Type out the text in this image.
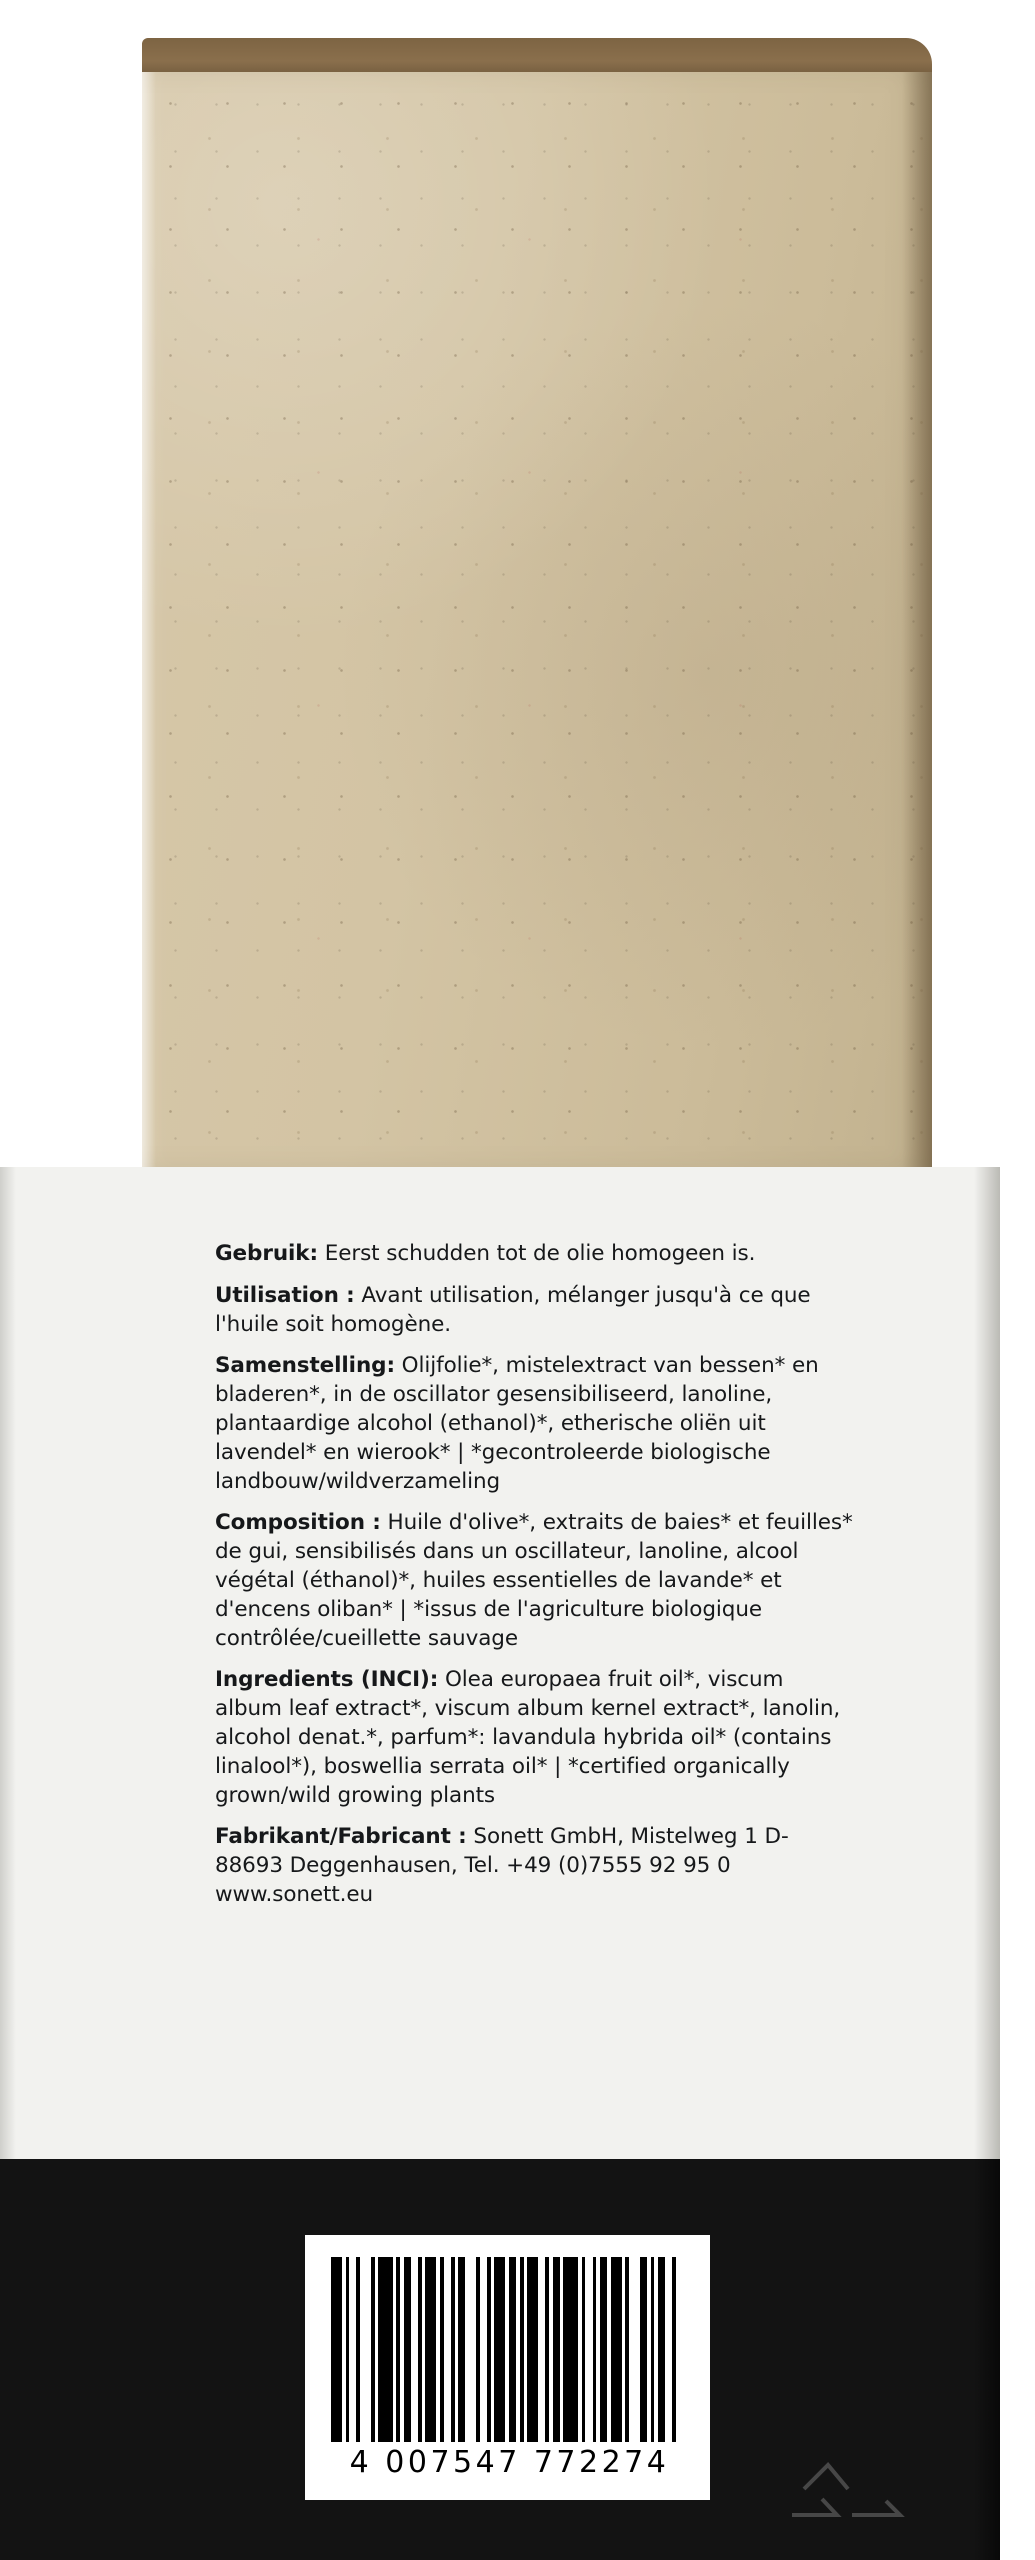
Gebruik: Eerst schudden tot de olie homogeen is.

Utilisation : Avant utilisation, mélanger jusqu'à ce que l'huile soit homogène.

Samenstelling: Olijfolie*, mistelextract van bessen* en bladeren*, in de oscillator gesensibiliseerd, lanoline, plantaardige alcohol (ethanol)*, etherische oliën uit lavendel* en wierook* | *gecontroleerde biologische landbouw/wildverzameling

Composition : Huile d'olive*, extraits de baies* et feuilles* de gui, sensibilisés dans un oscillateur, lanoline, alcool végétal (éthanol)*, huiles essentielles de lavande* et d'encens oliban* | *issus de l'agriculture biologique contrôlée/cueillette sauvage

Ingredients (INCI): Olea europaea fruit oil*, viscum album leaf extract*, viscum album kernel extract*, lanolin, alcohol denat.*, parfum*: lavandula hybrida oil* (contains linalool*), boswellia serrata oil* | *certified organically grown/wild growing plants

Fabrikant/Fabricant : Sonett GmbH, Mistelweg 1 D-88693 Deggenhausen, Tel. +49 (0)7555 92 95 0 www.sonett.eu

4 007547 772274
